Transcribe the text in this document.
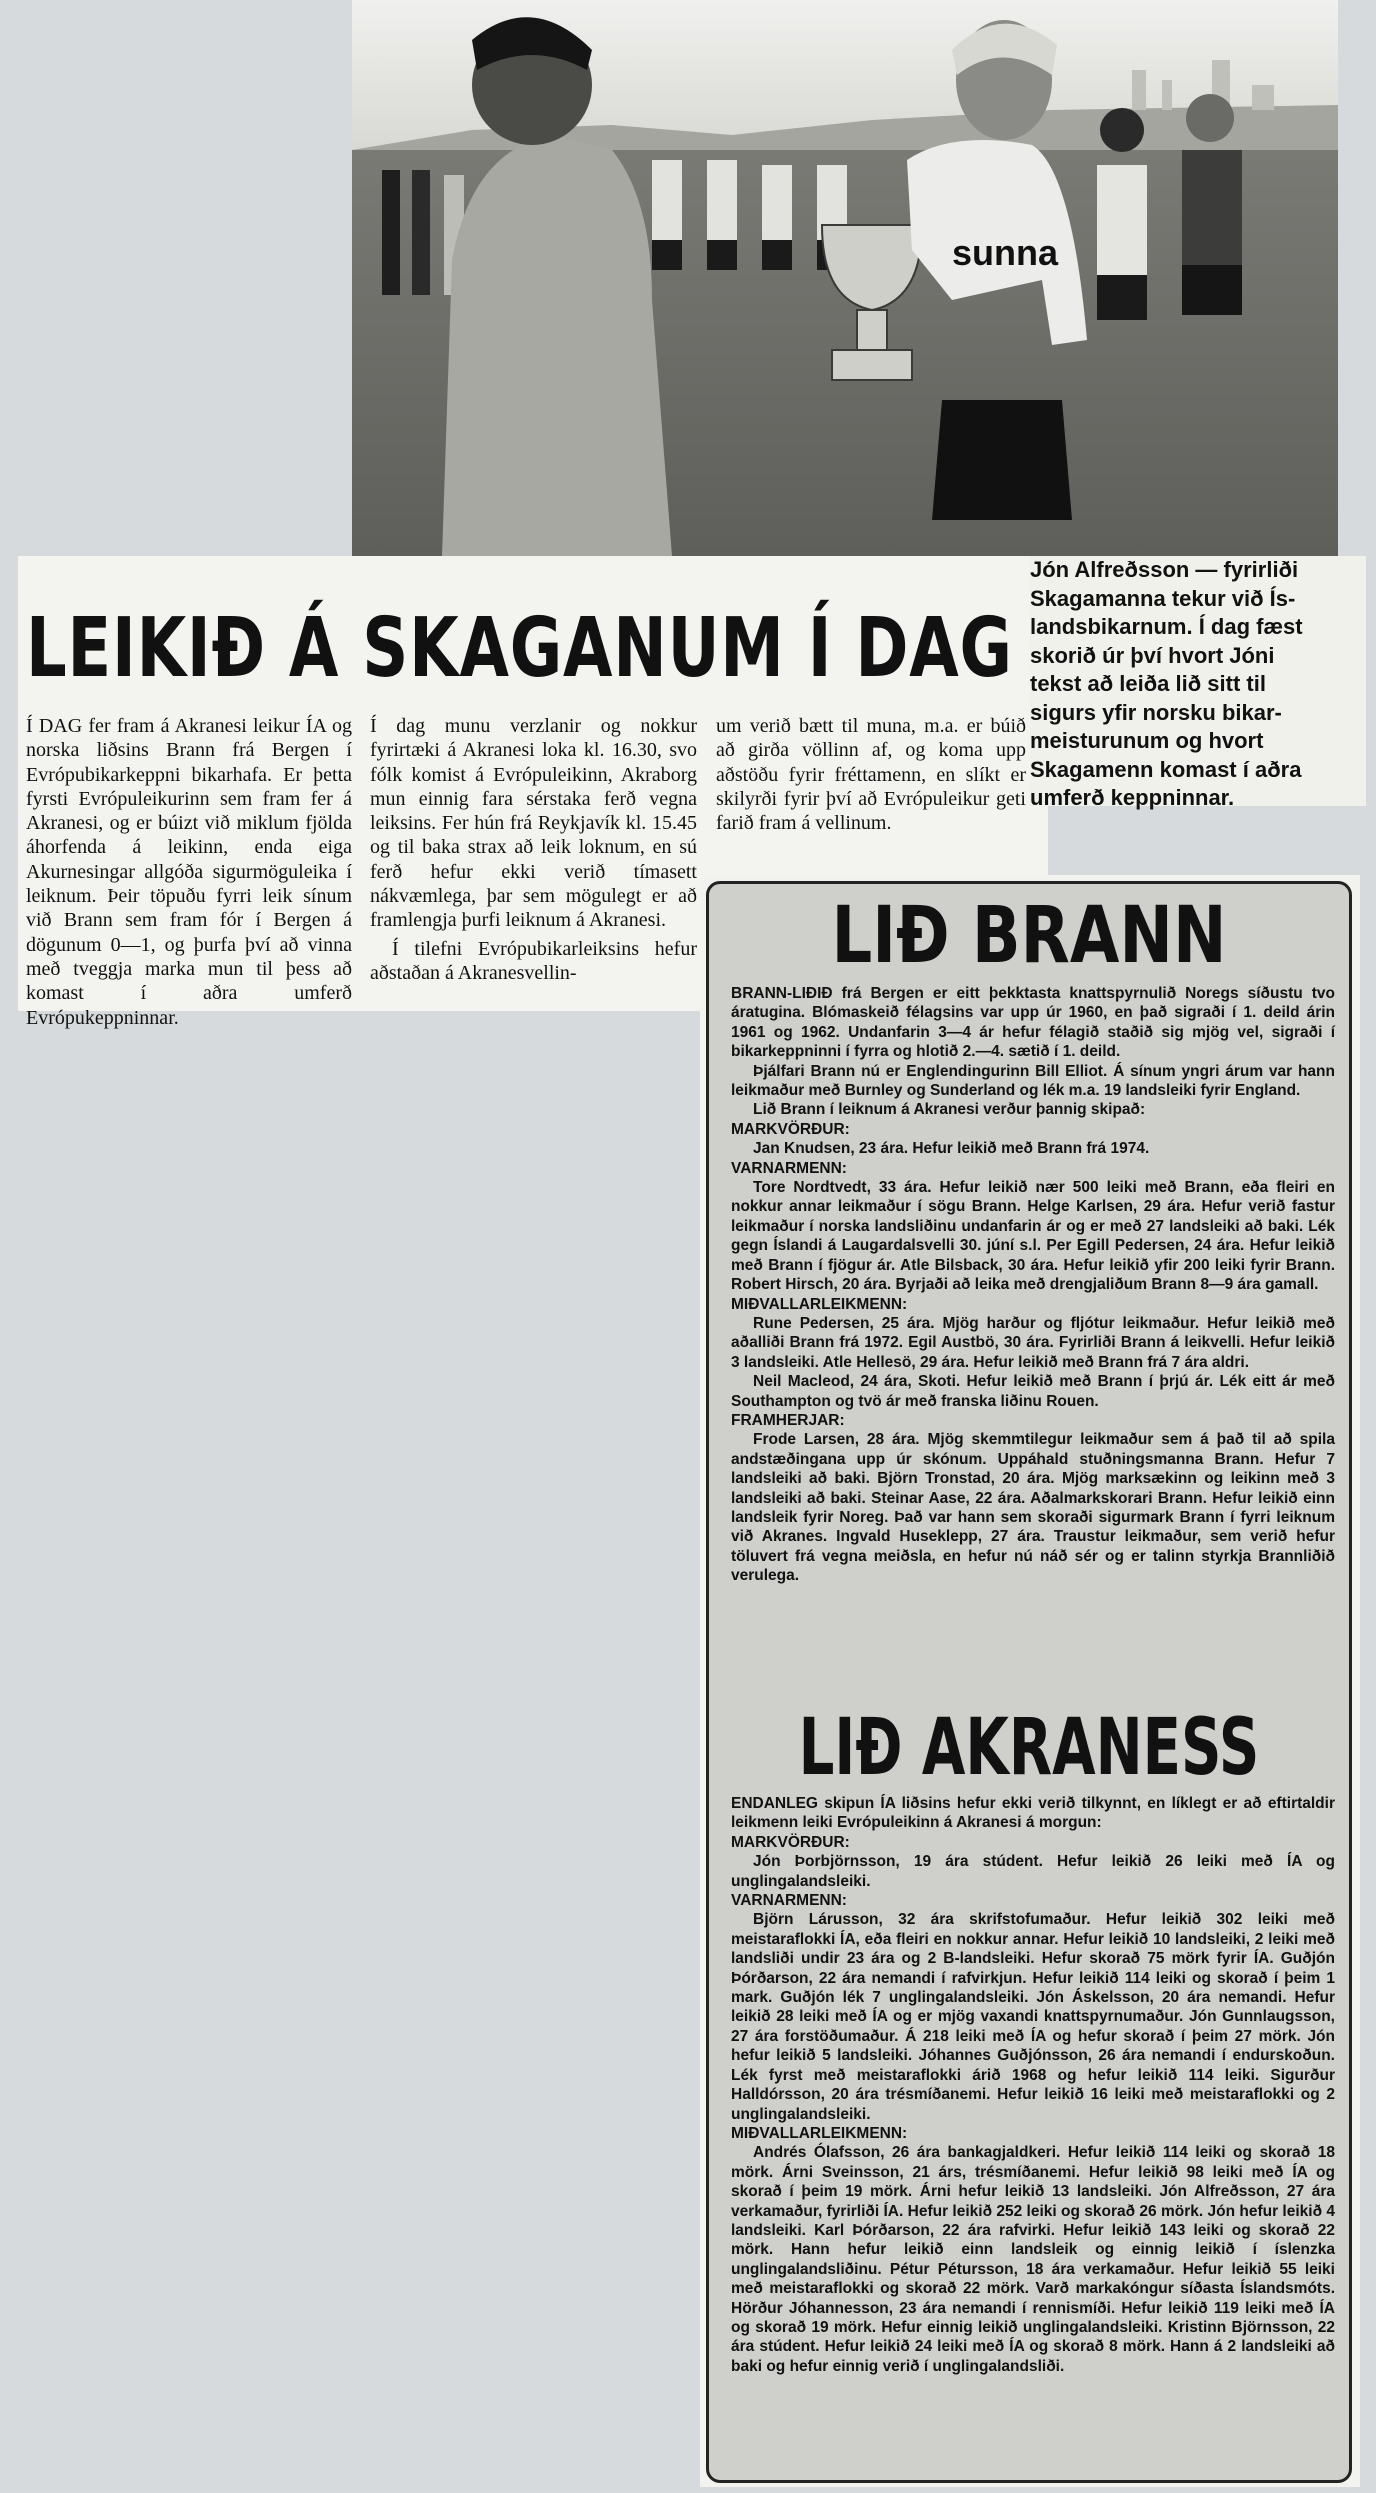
sunna
LEIKIÐ Á SKAGANUM Í DAG

Í DAG fer fram á Akranesi leikur ÍA og norska liðsins Brann frá Bergen í Evrópubikarkeppni bikarhafa. Er þetta fyrsti Evrópuleikurinn sem fram fer á Akranesi, og er búizt við miklum fjölda áhorfenda á leikinn, enda eiga Akurnesingar allgóða sigurmöguleika í leiknum. Þeir töpuðu fyrri leik sínum við Brann sem fram fór í Bergen á dögunum 0—1, og þurfa því að vinna með tveggja marka mun til þess að komast í aðra umferð Evrópukeppninnar.

Í dag munu verzlanir og nokkur fyrirtæki á Akranesi loka kl. 16.30, svo fólk komist á Evrópuleikinn, Akraborg mun einnig fara sérstaka ferð vegna leiksins. Fer hún frá Reykjavík kl. 15.45 og til baka strax að leik loknum, en sú ferð hefur ekki verið tímasett nákvæmlega, þar sem mögulegt er að framlengja þurfi leiknum á Akranesi.

Í tilefni Evrópubikarleiksins hefur aðstaðan á Akranesvellin-

um verið bætt til muna, m.a. er búið að girða völlinn af, og koma upp aðstöðu fyrir fréttamenn, en slíkt er skilyrði fyrir því að Evrópuleikur geti farið fram á vellinum.

Jón Alfreðsson — fyrirliði
Skagamanna tekur við Ís-
landsbikarnum. Í dag fæst
skorið úr því hvort Jóni
tekst að leiða lið sitt til
sigurs yfir norsku bikar-
meisturunum og hvort
Skagamenn komast í aðra
umferð keppninnar.
LIÐ BRANN

BRANN-LIÐIÐ frá Bergen er eitt þekktasta knattspyrnulið Noregs síðustu tvo áratugina. Blómaskeið félagsins var upp úr 1960, en það sigraði í 1. deild árin 1961 og 1962. Undanfarin 3—4 ár hefur félagið staðið sig mjög vel, sigraði í bikarkeppninni í fyrra og hlotið 2.—4. sætið í 1. deild.

Þjálfari Brann nú er Englendingurinn Bill Elliot. Á sínum yngri árum var hann leikmaður með Burnley og Sunderland og lék m.a. 19 landsleiki fyrir England.

Lið Brann í leiknum á Akranesi verður þannig skipað:

MARKVÖRÐUR:

Jan Knudsen, 23 ára. Hefur leikið með Brann frá 1974.

VARNARMENN:

Tore Nordtvedt, 33 ára. Hefur leikið nær 500 leiki með Brann, eða fleiri en nokkur annar leikmaður í sögu Brann. Helge Karlsen, 29 ára. Hefur verið fastur leikmaður í norska landsliðinu undanfarin ár og er með 27 landsleiki að baki. Lék gegn Íslandi á Laugardalsvelli 30. júní s.l. Per Egill Pedersen, 24 ára. Hefur leikið með Brann í fjögur ár. Atle Bilsback, 30 ára. Hefur leikið yfir 200 leiki fyrir Brann. Robert Hirsch, 20 ára. Byrjaði að leika með drengjaliðum Brann 8—9 ára gamall.

MIÐVALLARLEIKMENN:

Rune Pedersen, 25 ára. Mjög harður og fljótur leikmaður. Hefur leikið með aðalliði Brann frá 1972. Egil Austbö, 30 ára. Fyrirliði Brann á leikvelli. Hefur leikið 3 landsleiki. Atle Hellesö, 29 ára. Hefur leikið með Brann frá 7 ára aldri.

Neil Macleod, 24 ára, Skoti. Hefur leikið með Brann í þrjú ár. Lék eitt ár með Southampton og tvö ár með franska liðinu Rouen.

FRAMHERJAR:

Frode Larsen, 28 ára. Mjög skemmtilegur leikmaður sem á það til að spila andstæðingana upp úr skónum. Uppáhald stuðningsmanna Brann. Hefur 7 landsleiki að baki. Björn Tronstad, 20 ára. Mjög marksækinn og leikinn með 3 landsleiki að baki. Steinar Aase, 22 ára. Aðalmarkskorari Brann. Hefur leikið einn landsleik fyrir Noreg. Það var hann sem skoraði sigurmark Brann í fyrri leiknum við Akranes. Ingvald Huseklepp, 27 ára. Traustur leikmaður, sem verið hefur töluvert frá vegna meiðsla, en hefur nú náð sér og er talinn styrkja Brannliðið verulega.

LIÐ AKRANESS

ENDANLEG skipun ÍA liðsins hefur ekki verið tilkynnt, en líklegt er að eftirtaldir leikmenn leiki Evrópuleikinn á Akranesi á morgun:

MARKVÖRÐUR:

Jón Þorbjörnsson, 19 ára stúdent. Hefur leikið 26 leiki með ÍA og unglingalandsleiki.

VARNARMENN:

Björn Lárusson, 32 ára skrifstofumaður. Hefur leikið 302 leiki með meistaraflokki ÍA, eða fleiri en nokkur annar. Hefur leikið 10 landsleiki, 2 leiki með landsliði undir 23 ára og 2 B-landsleiki. Hefur skorað 75 mörk fyrir ÍA. Guðjón Þórðarson, 22 ára nemandi í rafvirkjun. Hefur leikið 114 leiki og skorað í þeim 1 mark. Guðjón lék 7 unglingalandsleiki. Jón Áskelsson, 20 ára nemandi. Hefur leikið 28 leiki með ÍA og er mjög vaxandi knattspyrnumaður. Jón Gunnlaugsson, 27 ára forstöðumaður. Á 218 leiki með ÍA og hefur skorað í þeim 27 mörk. Jón hefur leikið 5 landsleiki. Jóhannes Guðjónsson, 26 ára nemandi í endurskoðun. Lék fyrst með meistaraflokki árið 1968 og hefur leikið 114 leiki. Sigurður Halldórsson, 20 ára trésmíðanemi. Hefur leikið 16 leiki með meistaraflokki og 2 unglingalandsleiki.

MIÐVALLARLEIKMENN:

Andrés Ólafsson, 26 ára bankagjaldkeri. Hefur leikið 114 leiki og skorað 18 mörk. Árni Sveinsson, 21 árs, trésmíðanemi. Hefur leikið 98 leiki með ÍA og skorað í þeim 19 mörk. Árni hefur leikið 13 landsleiki. Jón Alfreðsson, 27 ára verkamaður, fyrirliði ÍA. Hefur leikið 252 leiki og skorað 26 mörk. Jón hefur leikið 4 landsleiki. Karl Þórðarson, 22 ára rafvirki. Hefur leikið 143 leiki og skorað 22 mörk. Hann hefur leikið einn landsleik og einnig leikið í íslenzka unglingalandsliðinu. Pétur Pétursson, 18 ára verkamaður. Hefur leikið 55 leiki með meistaraflokki og skorað 22 mörk. Varð markakóngur síðasta Íslandsmóts. Hörður Jóhannesson, 23 ára nemandi í rennismíði. Hefur leikið 119 leiki með ÍA og skorað 19 mörk. Hefur einnig leikið unglingalandsleiki. Kristinn Björnsson, 22 ára stúdent. Hefur leikið 24 leiki með ÍA og skorað 8 mörk. Hann á 2 landsleiki að baki og hefur einnig verið í unglingalandsliði.
